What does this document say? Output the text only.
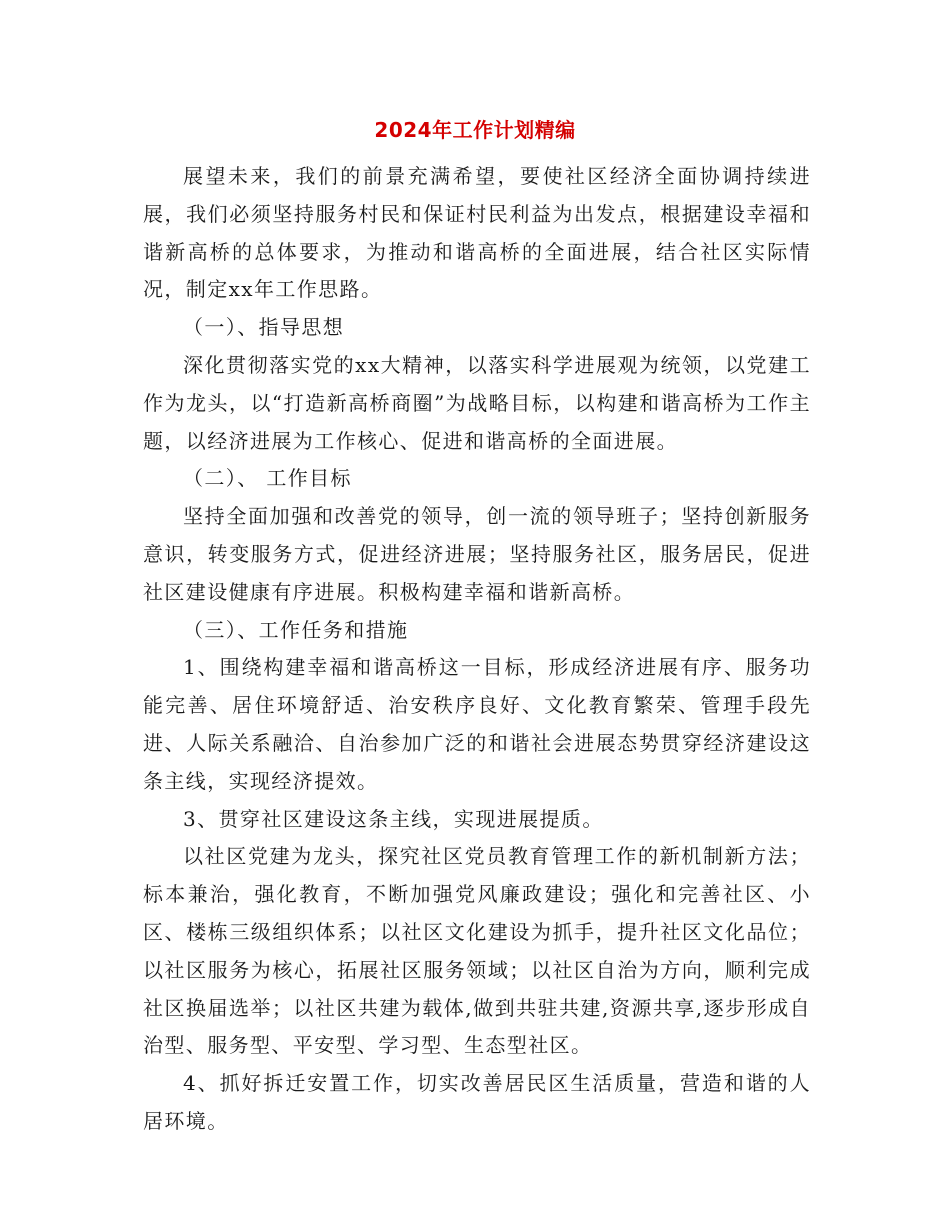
2024年工作计划精编

展望未来，我们的前景充满希望，要使社区经济全面协调持续进展，我们必须坚持服务村民和保证村民利益为出发点，根据建设幸福和谐新高桥的总体要求，为推动和谐高桥的全面进展，结合社区实际情况，制定xx年工作思路。

（一）、指导思想

深化贯彻落实党的xx大精神，以落实科学进展观为统领，以党建工作为龙头，以“打造新高桥商圈”为战略目标，以构建和谐高桥为工作主题，以经济进展为工作核心、促进和谐高桥的全面进展。

（二）、 工作目标

坚持全面加强和改善党的领导，创一流的领导班子；坚持创新服务意识，转变服务方式，促进经济进展；坚持服务社区，服务居民，促进社区建设健康有序进展。积极构建幸福和谐新高桥。

（三）、工作任务和措施

1、围绕构建幸福和谐高桥这一目标，形成经济进展有序、服务功能完善、居住环境舒适、治安秩序良好、文化教育繁荣、管理手段先进、人际关系融洽、自治参加广泛的和谐社会进展态势贯穿经济建设这条主线，实现经济提效。

3、贯穿社区建设这条主线，实现进展提质。

以社区党建为龙头，探究社区党员教育管理工作的新机制新方法；标本兼治，强化教育，不断加强党风廉政建设；强化和完善社区、小区、楼栋三级组织体系；以社区文化建设为抓手，提升社区文化品位；以社区服务为核心，拓展社区服务领域；以社区自治为方向，顺利完成社区换届选举；以社区共建为载体,做到共驻共建,资源共享,逐步形成自治型、服务型、平安型、学习型、生态型社区。

4、抓好拆迁安置工作，切实改善居民区生活质量，营造和谐的人居环境。
